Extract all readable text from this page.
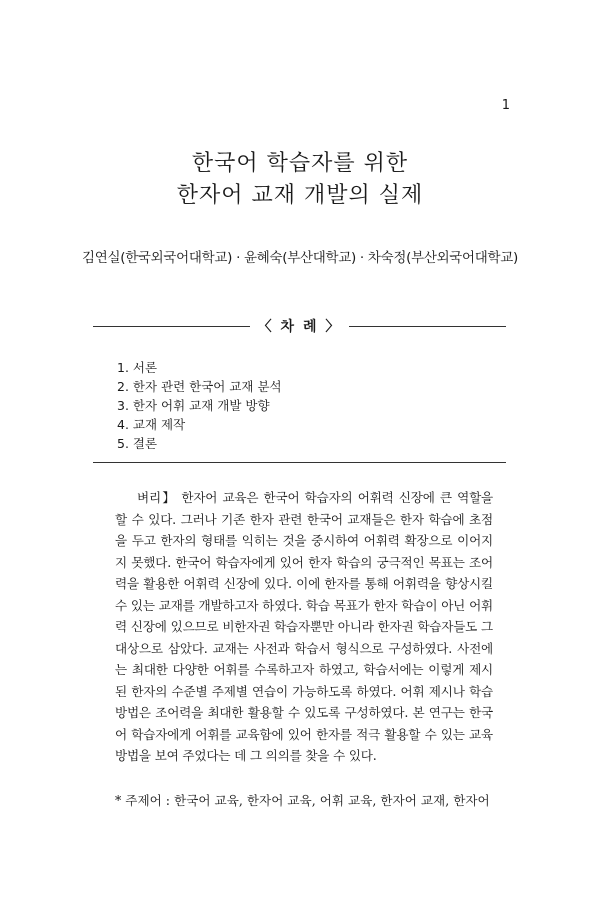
1
한국어 학습자를 위한
한자어 교재 개발의 실제
김연실(한국외국어대학교) · 윤혜숙(부산대학교) · 차숙정(부산외국어대학교)
〈 차 례 〉
1. 서론
2. 한자 관련 한국어 교재 분석
3. 한자 어휘 교재 개발 방향
4. 교재 제작
5. 결론
벼리】 한자어 교육은 한국어 학습자의 어휘력 신장에 큰 역할을 할 수 있다. 그러나 기존 한자 관련 한국어 교재들은 한자 학습에 초점을 두고 한자의 형태를 익히는 것을 중시하여 어휘력 확장으로 이어지지 못했다. 한국어 학습자에게 있어 한자 학습의 궁극적인 목표는 조어력을 활용한 어휘력 신장에 있다. 이에 한자를 통해 어휘력을 향상시킬 수 있는 교재를 개발하고자 하였다. 학습 목표가 한자 학습이 아닌 어휘력 신장에 있으므로 비한자권 학습자뿐만 아니라 한자권 학습자들도 그 대상으로 삼았다. 교재는 사전과 학습서 형식으로 구성하였다. 사전에는 최대한 다양한 어휘를 수록하고자 하였고, 학습서에는 이렇게 제시된 한자의 수준별 주제별 연습이 가능하도록 하였다. 어휘 제시나 학습 방법은 조어력을 최대한 활용할 수 있도록 구성하였다. 본 연구는 한국어 학습자에게 어휘를 교육함에 있어 한자를 적극 활용할 수 있는 교육 방법을 보여 주었다는 데 그 의의를 찾을 수 있다.
* 주제어 : 한국어 교육, 한자어 교육, 어휘 교육, 한자어 교재, 한자어
